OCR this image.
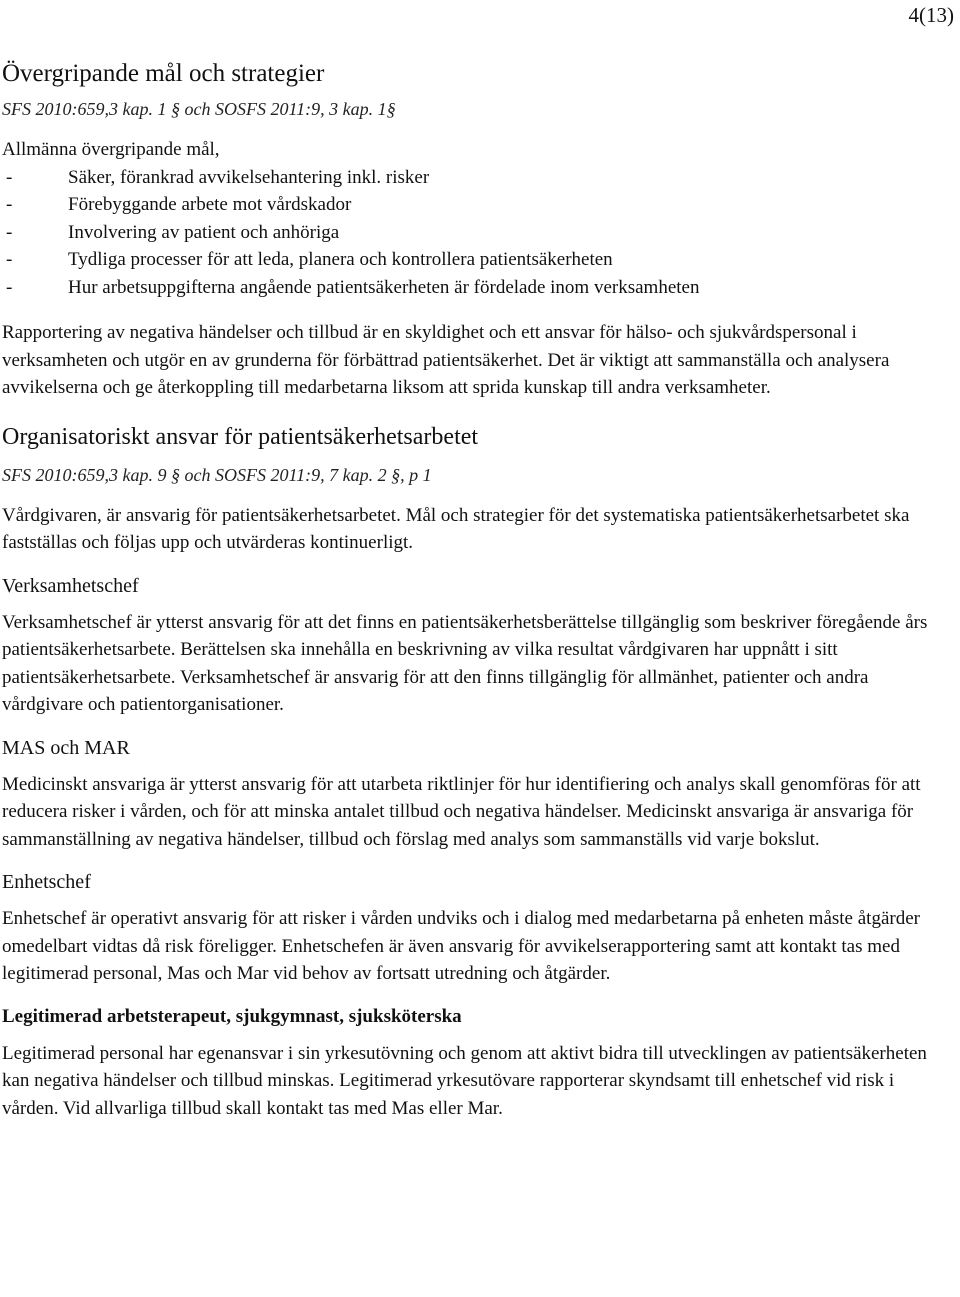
4(13)
Övergripande mål och strategier
SFS 2010:659,3 kap. 1 § och SOSFS 2011:9, 3 kap. 1§

Allmänna övergripande mål,

-	Säker, förankrad avvikelsehantering inkl. risker
-	Förebyggande arbete mot vårdskador
-	Involvering av patient och anhöriga
-	Tydliga processer för att leda, planera och kontrollera patientsäkerheten
-	Hur arbetsuppgifterna angående patientsäkerheten är fördelade inom verksamheten

Rapportering av negativa händelser och tillbud är en skyldighet och ett ansvar för hälso- och sjukvårdspersonal i verksamheten och utgör en av grunderna för förbättrad patientsäkerhet. Det är viktigt att sammanställa och analysera avvikelserna och ge återkoppling till medarbetarna liksom att sprida kunskap till andra verksamheter.

Organisatoriskt ansvar för patientsäkerhetsarbetet
SFS 2010:659,3 kap. 9 § och SOSFS 2011:9, 7 kap. 2 §, p 1

Vårdgivaren, är ansvarig för patientsäkerhetsarbetet. Mål och strategier för det systematiska patientsäkerhetsarbetet ska fastställas och följas upp och utvärderas kontinuerligt.

Verksamhetschef

Verksamhetschef är ytterst ansvarig för att det finns en patientsäkerhetsberättelse tillgänglig som beskriver föregående års patientsäkerhetsarbete. Berättelsen ska innehålla en beskrivning av vilka resultat vårdgivaren har uppnått i sitt patientsäkerhetsarbete. Verksamhetschef är ansvarig för att den finns tillgänglig för allmänhet, patienter och andra vårdgivare och patientorganisationer.

MAS och MAR

Medicinskt ansvariga är ytterst ansvarig för att utarbeta riktlinjer för hur identifiering och analys skall genomföras för att reducera risker i vården, och för att minska antalet tillbud och negativa händelser. Medicinskt ansvariga är ansvariga för sammanställning av negativa händelser, tillbud och förslag med analys som sammanställs vid varje bokslut.

Enhetschef

Enhetschef är operativt ansvarig för att risker i vården undviks och i dialog med medarbetarna på enheten måste åtgärder omedelbart vidtas då risk föreligger. Enhetschefen är även ansvarig för avvikelserapportering samt att kontakt tas med legitimerad personal, Mas och Mar vid behov av fortsatt utredning och åtgärder.

Legitimerad arbetsterapeut, sjukgymnast, sjuksköterska

Legitimerad personal har egenansvar i sin yrkesutövning och genom att aktivt bidra till utvecklingen av patientsäkerheten kan negativa händelser och tillbud minskas. Legitimerad yrkesutövare rapporterar skyndsamt till enhetschef vid risk i vården. Vid allvarliga tillbud skall kontakt tas med Mas eller Mar.
